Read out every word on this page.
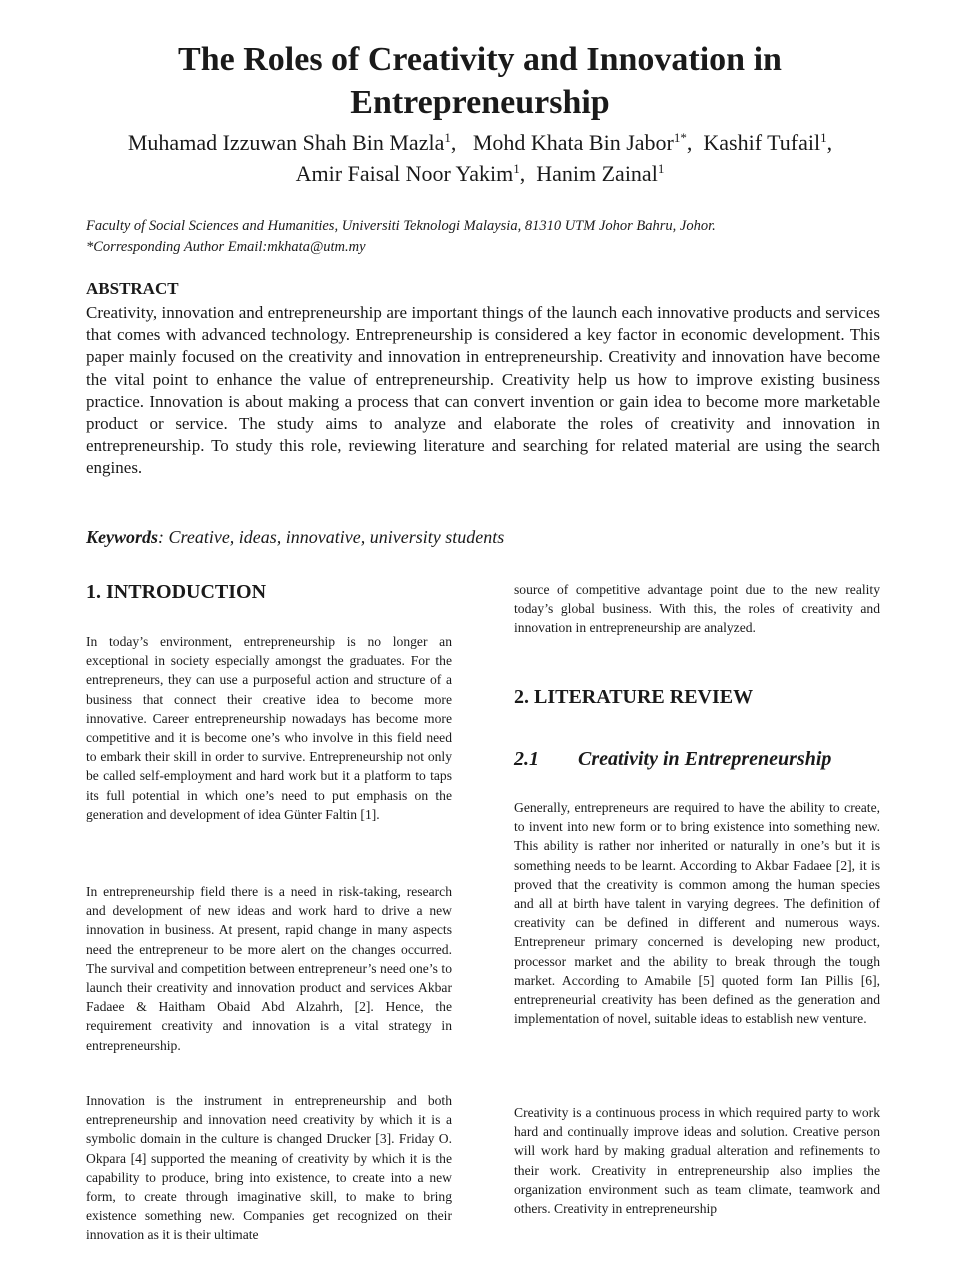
The Roles of Creativity and Innovation in Entrepreneurship
Muhamad Izzuwan Shah Bin Mazla$^1$,   Mohd Khata Bin Jabor$^{1*}$,  Kashif Tufail$^1$,
Amir Faisal Noor Yakim$^1$,  Hanim Zainal$^1$
Faculty of Social Sciences and Humanities, Universiti Teknologi Malaysia, 81310 UTM Johor Bahru, Johor.
*Corresponding Author Email:mkhata@utm.my
ABSTRACT

Creativity, innovation and entrepreneurship are important things of the launch each innovative products and services that comes with advanced technology. Entrepreneurship is considered a key factor in economic development. This paper mainly focused on the creativity and innovation in entrepreneurship. Creativity and innovation have become the vital point to enhance the value of entrepreneurship. Creativity help us how to improve existing business practice. Innovation is about making a process that can convert invention or gain idea to become more marketable product or service. The study aims to analyze and elaborate the roles of creativity and innovation in entrepreneurship. To study this role, reviewing literature and searching for related material are using the search engines.

Keywords: Creative, ideas, innovative, university students
1. INTRODUCTION

In today’s environment, entrepreneurship is no longer an exceptional in society especially amongst the graduates. For the entrepreneurs, they can use a purposeful action and structure of a business that connect their creative idea to become more innovative. Career entrepreneurship nowadays has become more competitive and it is become one’s who involve in this field need to embark their skill in order to survive. Entrepreneurship not only be called self-employment and hard work but it a platform to taps its full potential in which one’s need to put emphasis on the generation and development of idea Günter Faltin [1].

In entrepreneurship field there is a need in risk-taking, research and development of new ideas and work hard to drive a new innovation in business. At present, rapid change in many aspects need the entrepreneur to be more alert on the changes occurred. The survival and competition between entrepreneur’s need one’s to launch their creativity and innovation product and services Akbar Fadaee & Haitham Obaid Abd Alzahrh, [2]. Hence, the requirement creativity and innovation is a vital strategy in entrepreneurship.

Innovation is the instrument in entrepreneurship and both entrepreneurship and innovation need creativity by which it is a symbolic domain in the culture is changed Drucker [3]. Friday O. Okpara [4] supported the meaning of creativity by which it is the capability to produce, bring into existence, to create into a new form, to create through imaginative skill, to make to bring existence something new. Companies get recognized on their innovation as it is their ultimate

source of competitive advantage point due to the new reality today’s global business. With this, the roles of creativity and innovation in entrepreneurship are analyzed.

2. LITERATURE REVIEW
2.1 Creativity in Entrepreneurship

Generally, entrepreneurs are required to have the ability to create, to invent into new form or to bring existence into something new. This ability is rather nor inherited or naturally in one’s but it is something needs to be learnt. According to Akbar Fadaee [2], it is proved that the creativity is common among the human species and all at birth have talent in varying degrees. The definition of creativity can be defined in different and numerous ways. Entrepreneur primary concerned is developing new product, processor market and the ability to break through the tough market. According to Amabile [5] quoted form Ian Pillis [6], entrepreneurial creativity has been defined as the generation and implementation of novel, suitable ideas to establish new venture.

Creativity is a continuous process in which required party to work hard and continually improve ideas and solution. Creative person will work hard by making gradual alteration and refinements to their work. Creativity in entrepreneurship also implies the organization environment such as team climate, teamwork and others. Creativity in entrepreneurship
